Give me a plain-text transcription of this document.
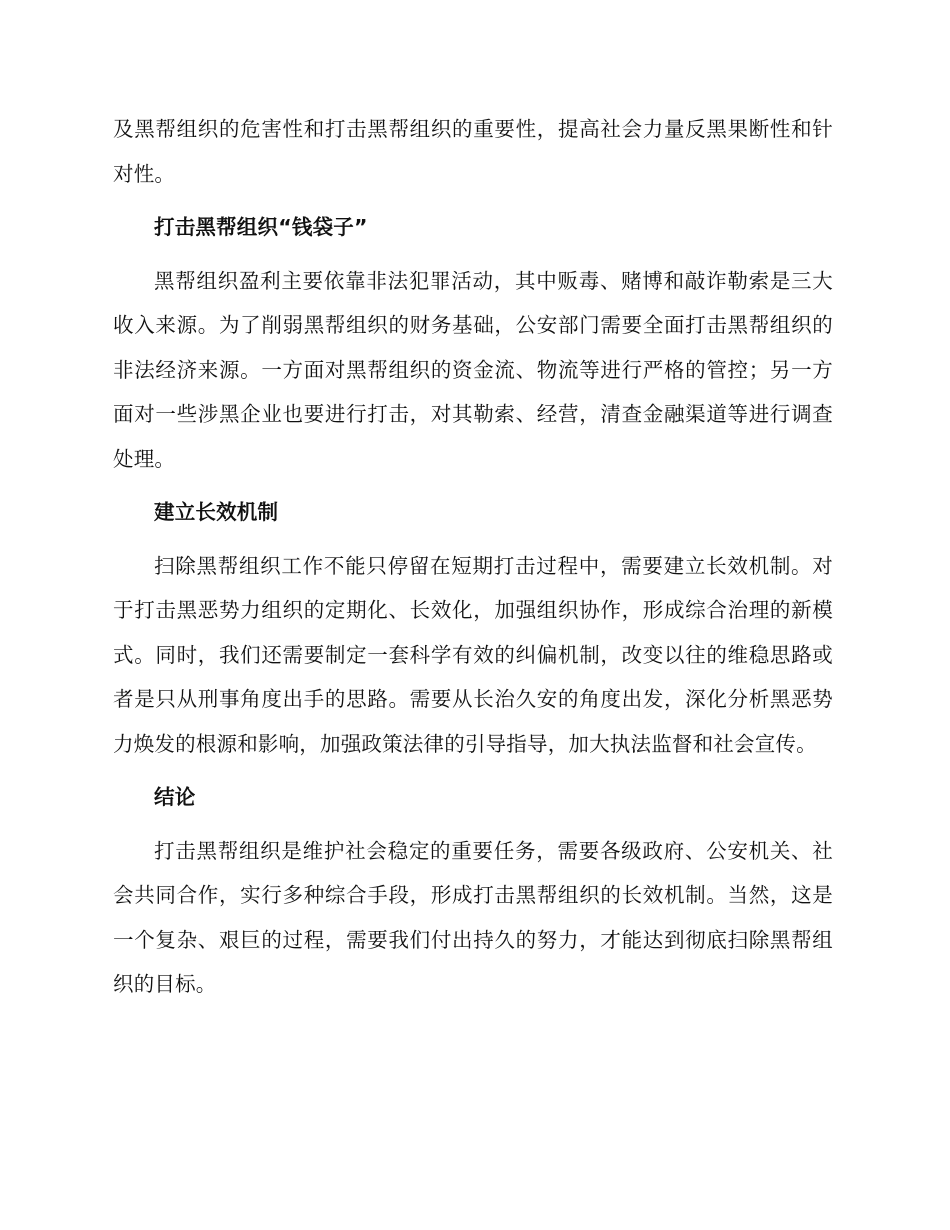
及黑帮组织的危害性和打击黑帮组织的重要性，提高社会力量反黑果断性和针对性。

打击黑帮组织“钱袋子”

黑帮组织盈利主要依靠非法犯罪活动，其中贩毒、赌博和敲诈勒索是三大收入来源。为了削弱黑帮组织的财务基础，公安部门需要全面打击黑帮组织的非法经济来源。一方面对黑帮组织的资金流、物流等进行严格的管控；另一方面对一些涉黑企业也要进行打击，对其勒索、经营，清查金融渠道等进行调查处理。

建立长效机制

扫除黑帮组织工作不能只停留在短期打击过程中，需要建立长效机制。对于打击黑恶势力组织的定期化、长效化，加强组织协作，形成综合治理的新模式。同时，我们还需要制定一套科学有效的纠偏机制，改变以往的维稳思路或者是只从刑事角度出手的思路。需要从长治久安的角度出发，深化分析黑恶势力焕发的根源和影响，加强政策法律的引导指导，加大执法监督和社会宣传。

结论

打击黑帮组织是维护社会稳定的重要任务，需要各级政府、公安机关、社会共同合作，实行多种综合手段，形成打击黑帮组织的长效机制。当然，这是一个复杂、艰巨的过程，需要我们付出持久的努力，才能达到彻底扫除黑帮组织的目标。
